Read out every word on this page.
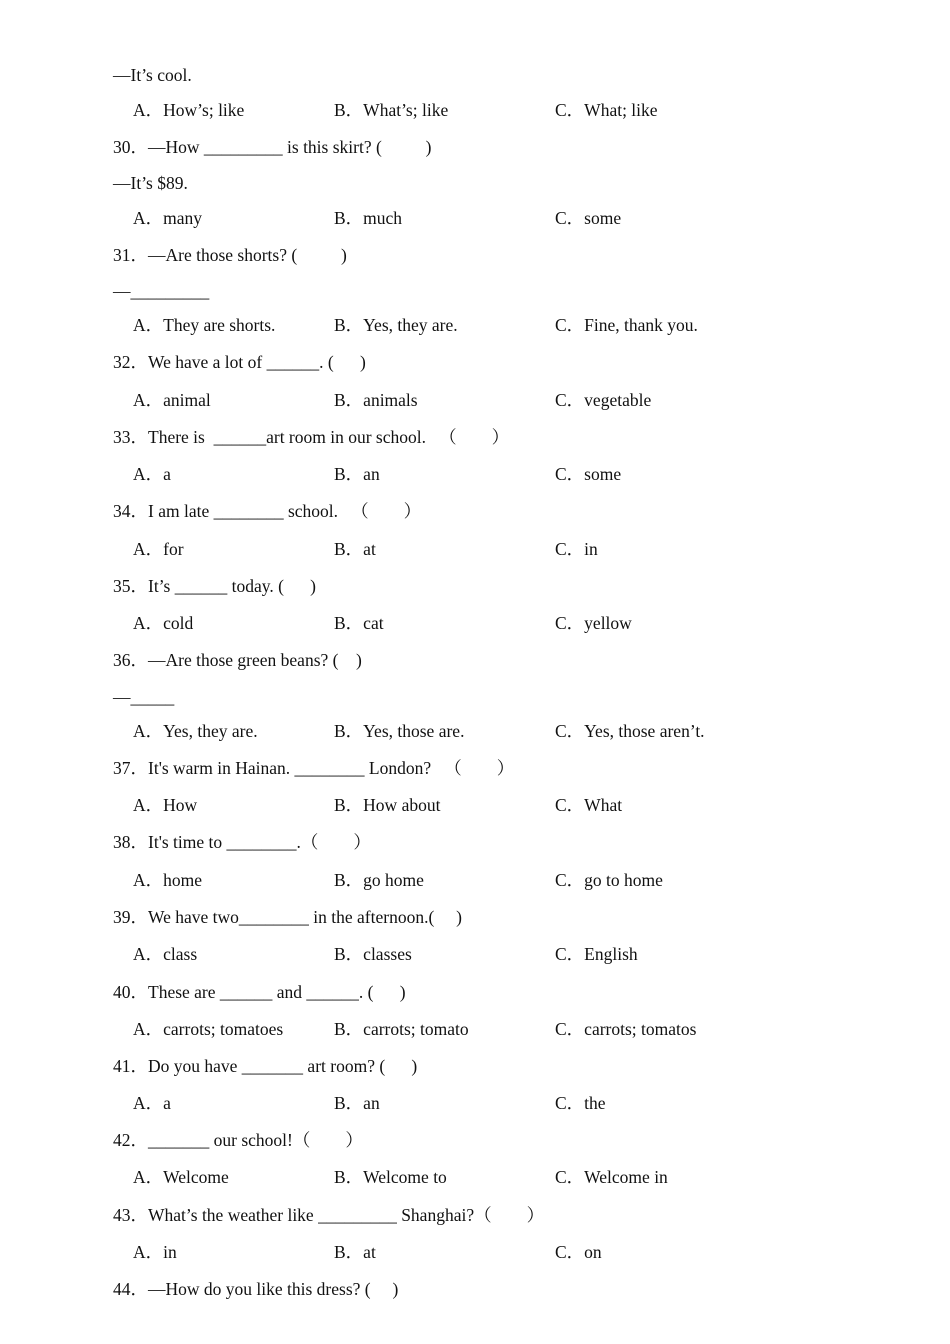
—It’s cool.
A．How’s; like	B．What’s; like	C．What; like
30．—How _________ is this skirt? (          )
—It’s $89.
A．many	B．much	C．some
31．—Are those shorts? (          )
—_________
A．They are shorts.	B．Yes, they are.	C．Fine, thank you.
32．We have a lot of ______. (      )
A．animal	B．animals	C．vegetable
33．There is  ______art room in our school.   （        ）
A．a	B．an	C．some
34．I am late ________ school.   （        ）
A．for	B．at	C．in
35．It’s ______ today. (      )
A．cold	B．cat	C．yellow
36．—Are those green beans? (    )
—_____
A．Yes, they are.	B．Yes, those are.	C．Yes, those aren’t.
37．It's warm in Hainan. ________ London?   （        ）
A．How	B．How about	C．What
38．It's time to ________.（        ）
A．home	B．go home	C．go to home
39．We have two________ in the afternoon.(     )
A．class	B．classes	C．English
40．These are ______ and ______. (      )
A．carrots; tomatoes	B．carrots; tomato	C．carrots; tomatos
41．Do you have _______ art room? (      )
A．a	B．an	C．the
42．_______ our school!（        ）
A．Welcome	B．Welcome to	C．Welcome in
43．What’s the weather like _________ Shanghai?（        ）
A．in	B．at	C．on
44．—How do you like this dress? (     )
